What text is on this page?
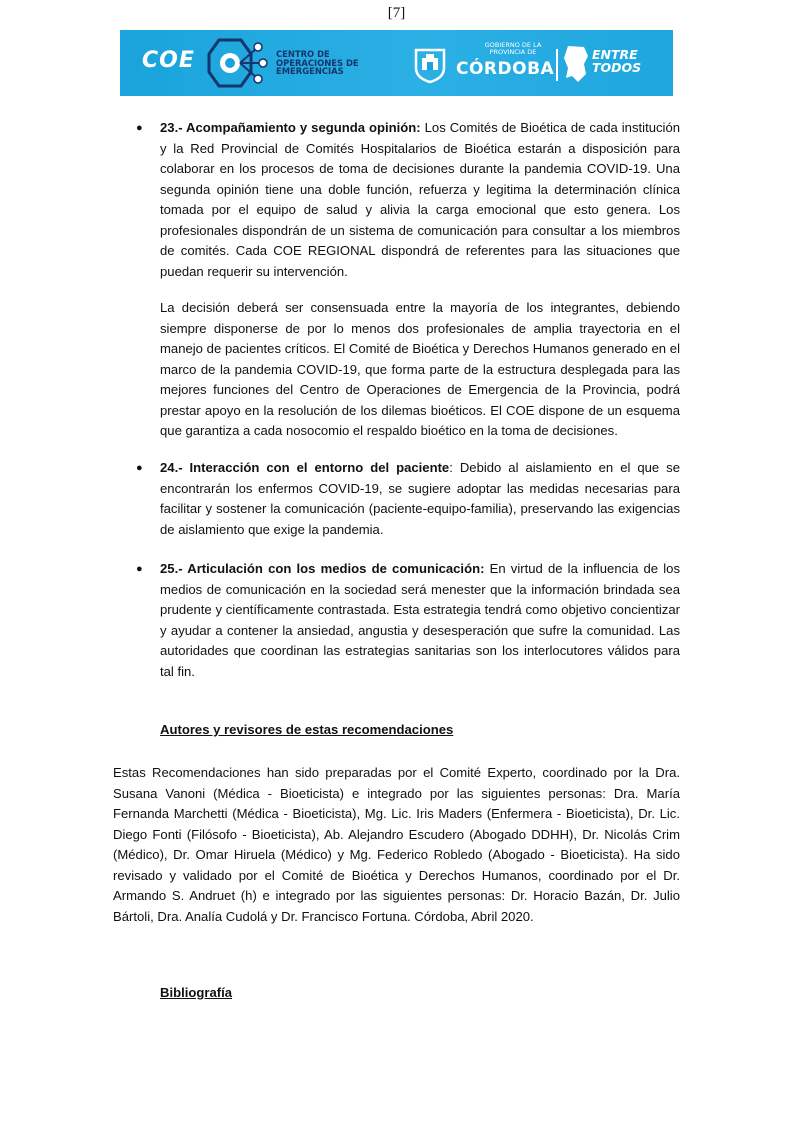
[7]
COE	CENTRO DE
OPERACIONES DE
EMERGENCIAS
GOBIERNO DE LA
PROVINCIA DE
CÓRDOBA
ENTRE
TODOS
● 23.- Acompañamiento y segunda opinión: Los Comités de Bioética de cada institución y la Red Provincial de Comités Hospitalarios de Bioética estarán a disposición para colaborar en los procesos de toma de decisiones durante la pandemia COVID-19. Una segunda opinión tiene una doble función, refuerza y legitima la determinación clínica tomada por el equipo de salud y alivia la carga emocional que esto genera. Los profesionales dispondrán de un sistema de comunicación para consultar a los miembros de comités. Cada COE REGIONAL dispondrá de referentes para las situaciones que puedan requerir su intervención.
La decisión deberá ser consensuada entre la mayoría de los integrantes, debiendo siempre disponerse de por lo menos dos profesionales de amplia trayectoria en el manejo de pacientes críticos. El Comité de Bioética y Derechos Humanos generado en el marco de la pandemia COVID-19, que forma parte de la estructura desplegada para las mejores funciones del Centro de Operaciones de Emergencia de la Provincia, podrá prestar apoyo en la resolución de los dilemas bioéticos. El COE dispone de un esquema que garantiza a cada nosocomio el respaldo bioético en la toma de decisiones.
● 24.- Interacción con el entorno del paciente: Debido al aislamiento en el que se encontrarán los enfermos COVID-19, se sugiere adoptar las medidas necesarias para facilitar y sostener la comunicación (paciente-equipo-familia), preservando las exigencias de aislamiento que exige la pandemia.
● 25.- Articulación con los medios de comunicación: En virtud de la influencia de los medios de comunicación en la sociedad será menester que la información brindada sea prudente y científicamente contrastada. Esta estrategia tendrá como objetivo concientizar y ayudar a contener la ansiedad, angustia y desesperación que sufre la comunidad. Las autoridades que coordinan las estrategias sanitarias son los interlocutores válidos para tal fin.
Autores y revisores de estas recomendaciones
Estas Recomendaciones han sido preparadas por el Comité Experto, coordinado por la Dra. Susana Vanoni (Médica - Bioeticista) e integrado por las siguientes personas: Dra. María Fernanda Marchetti (Médica - Bioeticista), Mg. Lic. Iris Maders (Enfermera - Bioeticista), Dr. Lic. Diego Fonti (Filósofo - Bioeticista), Ab. Alejandro Escudero (Abogado DDHH), Dr. Nicolás Crim (Médico), Dr. Omar Hiruela (Médico) y Mg. Federico Robledo (Abogado - Bioeticista). Ha sido revisado y validado por el Comité de Bioética y Derechos Humanos, coordinado por el Dr. Armando S. Andruet (h) e integrado por las siguientes personas: Dr. Horacio Bazán, Dr. Julio Bártoli, Dra. Analía Cudolá y Dr. Francisco Fortuna. Córdoba, Abril 2020.
Bibliografía
